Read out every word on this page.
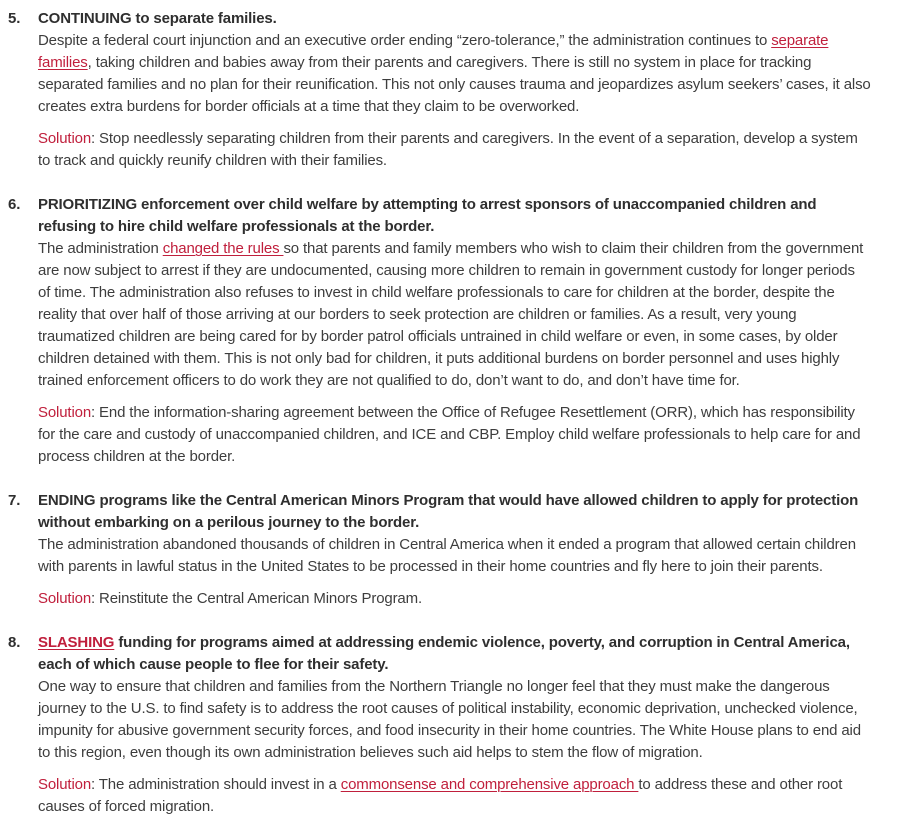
5. CONTINUING to separate families.

Despite a federal court injunction and an executive order ending “zero-tolerance,” the administration continues to separate families, taking children and babies away from their parents and caregivers. There is still no system in place for tracking separated families and no plan for their reunification. This not only causes trauma and jeopardizes asylum seekers’ cases, it also creates extra burdens for border officials at a time that they claim to be overworked.

Solution: Stop needlessly separating children from their parents and caregivers. In the event of a separation, develop a system to track and quickly reunify children with their families.

6. PRIORITIZING enforcement over child welfare by attempting to arrest sponsors of unaccompanied children and refusing to hire child welfare professionals at the border.

The administration changed the rules so that parents and family members who wish to claim their children from the government are now subject to arrest if they are undocumented, causing more children to remain in government custody for longer periods of time. The administration also refuses to invest in child welfare professionals to care for children at the border, despite the reality that over half of those arriving at our borders to seek protection are children or families. As a result, very young traumatized children are being cared for by border patrol officials untrained in child welfare or even, in some cases, by older children detained with them. This is not only bad for children, it puts additional burdens on border personnel and uses highly trained enforcement officers to do work they are not qualified to do, don’t want to do, and don’t have time for.

Solution: End the information-sharing agreement between the Office of Refugee Resettlement (ORR), which has responsibility for the care and custody of unaccompanied children, and ICE and CBP. Employ child welfare professionals to help care for and process children at the border.

7. ENDING programs like the Central American Minors Program that would have allowed children to apply for protection without embarking on a perilous journey to the border.

The administration abandoned thousands of children in Central America when it ended a program that allowed certain children with parents in lawful status in the United States to be processed in their home countries and fly here to join their parents.

Solution: Reinstitute the Central American Minors Program.

8. SLASHING funding for programs aimed at addressing endemic violence, poverty, and corruption in Central America, each of which cause people to flee for their safety.

One way to ensure that children and families from the Northern Triangle no longer feel that they must make the dangerous journey to the U.S. to find safety is to address the root causes of political instability, economic deprivation, unchecked violence, impunity for abusive government security forces, and food insecurity in their home countries. The White House plans to end aid to this region, even though its own administration believes such aid helps to stem the flow of migration.

Solution: The administration should invest in a commonsense and comprehensive approach to address these and other root causes of forced migration.
